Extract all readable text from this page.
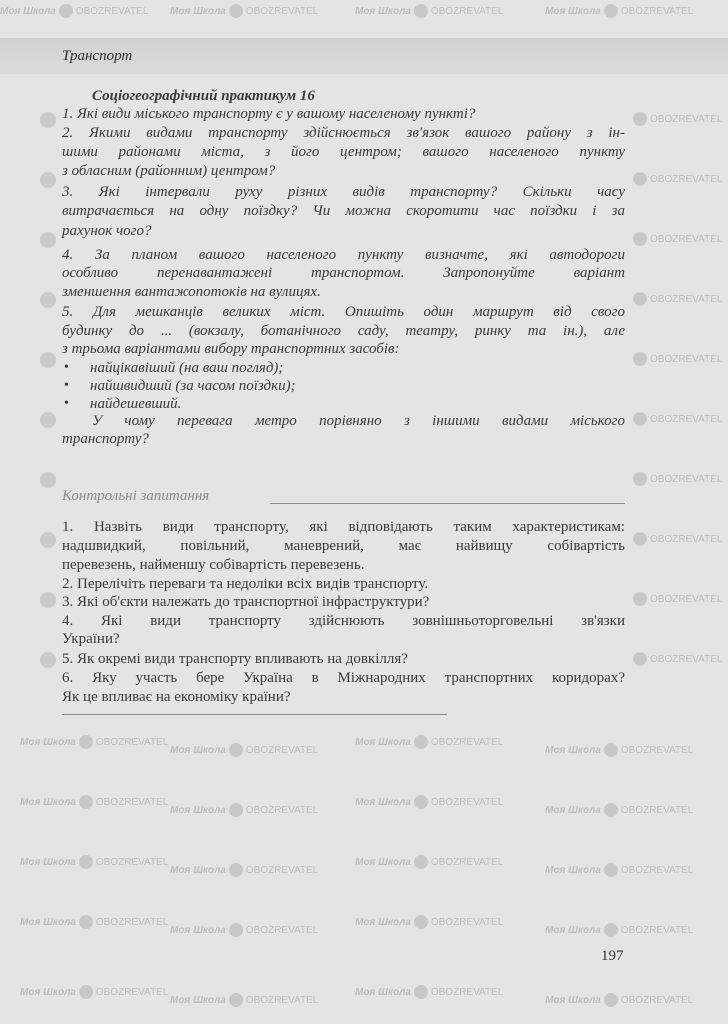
Моя Школа OBOZREVATEL Моя Школа OBOZREVATEL	Моя Школа OBOZREVATEL	Моя Школа OBOZREVATEL
OBOZREVATEL
OBOZREVATEL
OBOZREVATEL
OBOZREVATEL
OBOZREVATEL
OBOZREVATEL
OBOZREVATEL
OBOZREVATEL
OBOZREVATEL
OBOZREVATEL
Моя Школа OBOZREVATEL
Моя Школа OBOZREVATEL
Моя Школа OBOZREVATEL
Моя Школа OBOZREVATEL
Моя Школа OBOZREVATEL
Моя Школа OBOZREVATEL
Моя Школа OBOZREVATEL
Моя Школа OBOZREVATEL
Моя Школа OBOZREVATEL
Моя Школа OBOZREVATEL
Моя Школа OBOZREVATEL
Моя Школа OBOZREVATEL
Моя Школа OBOZREVATEL
Моя Школа OBOZREVATEL
Моя Школа OBOZREVATEL
Моя Школа OBOZREVATEL
Моя Школа OBOZREVATEL
Моя Школа OBOZREVATEL
Моя Школа OBOZREVATEL
Моя Школа OBOZREVATEL
Транспорт
Соціогеографічний практикум 16
1. Які види міського транспорту є у вашому населеному пункті?
2. Якими видами транспорту здійснюється зв'язок вашого району з ін-
шими районами міста, з його центром; вашого населеного пункту
з обласним (районним) центром?
3. Які інтервали руху різних видів транспорту? Скільки часу
витрачається на одну поїздку? Чи можна скоротити час поїздки і за
рахунок чого?
4. За планом вашого населеного пункту визначте, які автодороги
особливо перенавантажені транспортом. Запропонуйте варіант
зменшення вантажопотоків на вулицях.
5. Для мешканців великих міст. Опишіть один маршрут від свого
будинку до ... (вокзалу, ботанічного саду, театру, ринку та ін.), але
з трьома варіантами вибору транспортних засобів:
• найцікавіший (на ваш погляд);
• найшвидший (за часом поїздки);
• найдешевший.
У чому перевага метро порівняно з іншими видами міського
транспорту?
Контрольні запитання
1. Назвіть види транспорту, які відповідають таким характеристикам:
надшвидкий, повільний, маневрений, має найвищу собівартість
перевезень, найменшу собівартість перевезень.
2. Перелічіть переваги та недоліки всіх видів транспорту.
3. Які об'єкти належать до транспортної інфраструктури?
4. Які види транспорту здійснюють зовнішньоторговельні зв'язки
України?
5. Як окремі види транспорту впливають на довкілля?
6. Яку участь бере Україна в Міжнародних транспортних коридорах?
Як це впливає на економіку країни?
197
